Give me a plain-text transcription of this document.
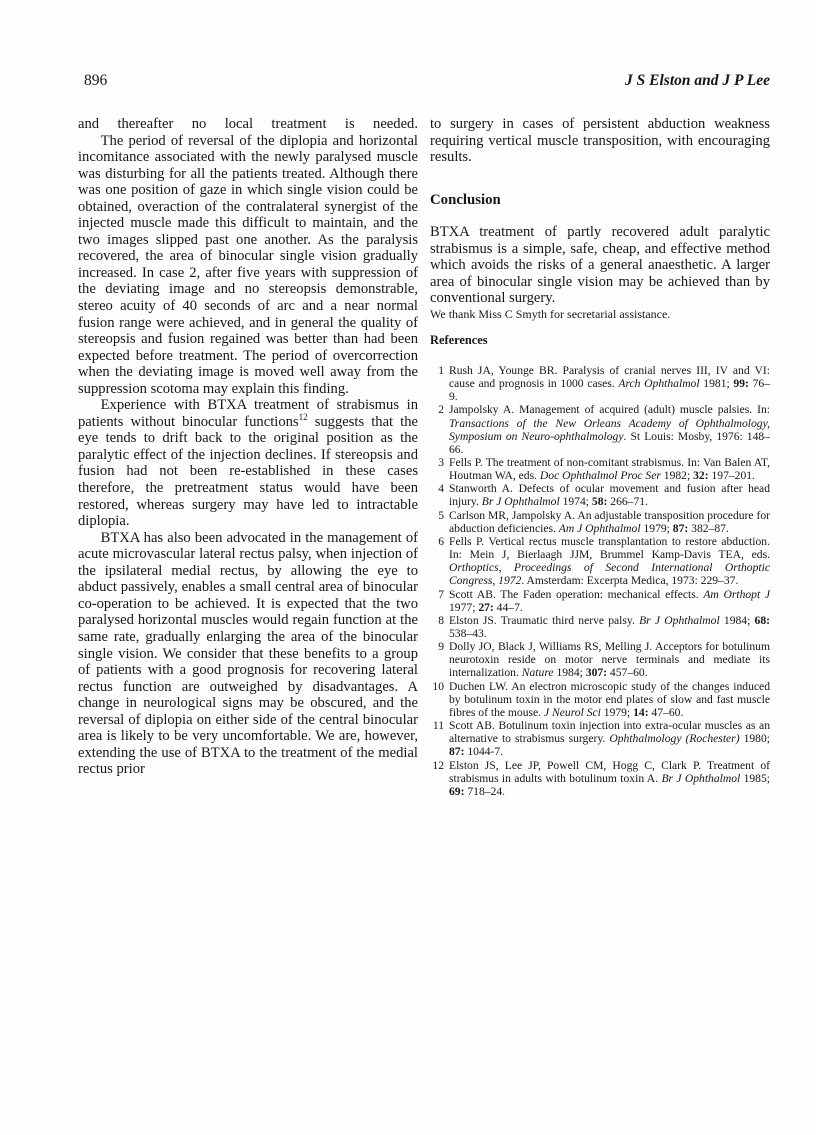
896	J S Elston and J P Lee

and thereafter no local treatment is needed.

The period of reversal of the diplopia and horizontal incomitance associated with the newly paralysed muscle was disturbing for all the patients treated. Although there was one position of gaze in which single vision could be obtained, overaction of the contralateral synergist of the injected muscle made this difficult to maintain, and the two images slipped past one another. As the paralysis recovered, the area of binocular single vision gradually increased. In case 2, after five years with suppression of the deviating image and no stereopsis demonstrable, stereo acuity of 40 seconds of arc and a near normal fusion range were achieved, and in general the quality of stereopsis and fusion regained was better than had been expected before treatment. The period of overcorrection when the deviating image is moved well away from the suppression scotoma may explain this finding.

Experience with BTXA treatment of strabismus in patients without binocular functions$^{12}$ suggests that the eye tends to drift back to the original position as the paralytic effect of the injection declines. If stereopsis and fusion had not been re-established in these cases therefore, the pretreatment status would have been restored, whereas surgery may have led to intractable diplopia.

BTXA has also been advocated in the management of acute microvascular lateral rectus palsy, when injection of the ipsilateral medial rectus, by allowing the eye to abduct passively, enables a small central area of binocular co-operation to be achieved. It is expected that the two paralysed horizontal muscles would regain function at the same rate, gradually enlarging the area of the binocular single vision. We consider that these benefits to a group of patients with a good prognosis for recovering lateral rectus function are outweighed by disadvantages. A change in neurological signs may be obscured, and the reversal of diplopia on either side of the central binocular area is likely to be very uncomfortable. We are, however, extending the use of BTXA to the treatment of the medial rectus prior

to surgery in cases of persistent abduction weakness requiring vertical muscle transposition, with encouraging results.

Conclusion

BTXA treatment of partly recovered adult paralytic strabismus is a simple, safe, cheap, and effective method which avoids the risks of a general anaesthetic. A larger area of binocular single vision may be achieved than by conventional surgery.

We thank Miss C Smyth for secretarial assistance.

References
1 Rush JA, Younge BR. Paralysis of cranial nerves III, IV and VI: cause and prognosis in 1000 cases. Arch Ophthalmol 1981; 99: 76–9.
2 Jampolsky A. Management of acquired (adult) muscle palsies. In: Transactions of the New Orleans Academy of Ophthalmology, Symposium on Neuro-ophthalmology. St Louis: Mosby, 1976: 148–66.
3 Fells P. The treatment of non-comitant strabismus. In: Van Balen AT, Houtman WA, eds. Doc Ophthalmol Proc Ser 1982; 32: 197–201.
4 Stanworth A. Defects of ocular movement and fusion after head injury. Br J Ophthalmol 1974; 58: 266–71.
5 Carlson MR, Jampolsky A. An adjustable transposition procedure for abduction deficiencies. Am J Ophthalmol 1979; 87: 382–87.
6 Fells P. Vertical rectus muscle transplantation to restore abduction. In: Mein J, Bierlaagh JJM, Brummel Kamp-Davis TEA, eds. Orthoptics, Proceedings of Second International Orthoptic Congress, 1972. Amsterdam: Excerpta Medica, 1973: 229–37.
7 Scott AB. The Faden operation: mechanical effects. Am Orthopt J 1977; 27: 44–7.
8 Elston JS. Traumatic third nerve palsy. Br J Ophthalmol 1984; 68: 538–43.
9 Dolly JO, Black J, Williams RS, Melling J. Acceptors for botulinum neurotoxin reside on motor nerve terminals and mediate its internalization. Nature 1984; 307: 457–60.
10 Duchen LW. An electron microscopic study of the changes induced by botulinum toxin in the motor end plates of slow and fast muscle fibres of the mouse. J Neurol Sci 1979; 14: 47–60.
11 Scott AB. Botulinum toxin injection into extra-ocular muscles as an alternative to strabismus surgery. Ophthalmology (Rochester) 1980; 87: 1044-7.
12 Elston JS, Lee JP, Powell CM, Hogg C, Clark P. Treatment of strabismus in adults with botulinum toxin A. Br J Ophthalmol 1985; 69: 718–24.
